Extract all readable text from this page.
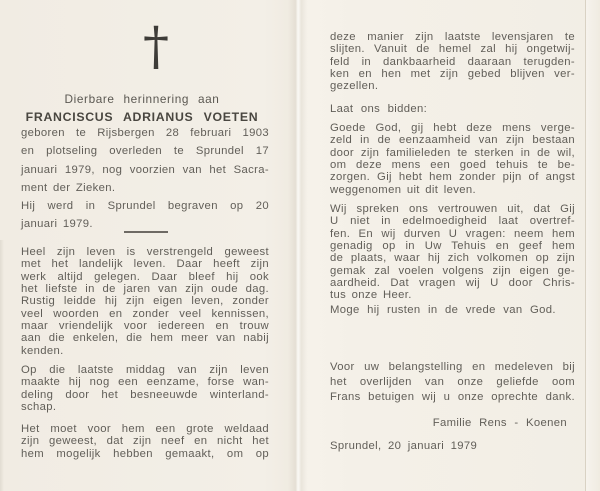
†
Dierbare herinnering aan
FRANCISCUS ADRIANUS VOETEN
geboren te Rijsbergen 28 februari 1903
en plotseling overleden te Sprundel 17
januari 1979, nog voorzien van het Sacra-
ment der Zieken.
Hij werd in Sprundel begraven op 20
januari 1979.
Heel zijn leven is verstrengeld geweest
met het landelijk leven. Daar heeft zijn
werk altijd gelegen. Daar bleef hij ook
het liefste in de jaren van zijn oude dag.
Rustig leidde hij zijn eigen leven, zonder
veel woorden en zonder veel kennissen,
maar vriendelijk voor iedereen en trouw
aan die enkelen, die hem meer van nabij
kenden.
Op die laatste middag van zijn leven
maakte hij nog een eenzame, forse wan-
deling door het besneeuwde winterland-
schap.
Het moet voor hem een grote weldaad
zijn geweest, dat zijn neef en nicht het
hem mogelijk hebben gemaakt, om op
deze manier zijn laatste levensjaren te
slijten. Vanuit de hemel zal hij ongetwij-
feld in dankbaarheid daaraan terugden-
ken en hen met zijn gebed blijven ver-
gezellen.
Laat ons bidden:
Goede God, gij hebt deze mens verge-
zeld in de eenzaamheid van zijn bestaan
door zijn familieleden te sterken in de wil,
om deze mens een goed tehuis te be-
zorgen. Gij hebt hem zonder pijn of angst
weggenomen uit dit leven.
Wij spreken ons vertrouwen uit, dat Gij
U niet in edelmoedigheid laat overtref-
fen. En wij durven U vragen: neem hem
genadig op in Uw Tehuis en geef hem
de plaats, waar hij zich volkomen op zijn
gemak zal voelen volgens zijn eigen ge-
aardheid. Dat vragen wij U door Chris-
tus onze Heer.
Moge hij rusten in de vrede van God.
Voor uw belangstelling en medeleven bij
het overlijden van onze geliefde oom
Frans betuigen wij u onze oprechte dank.
Familie Rens - Koenen
Sprundel, 20 januari 1979
